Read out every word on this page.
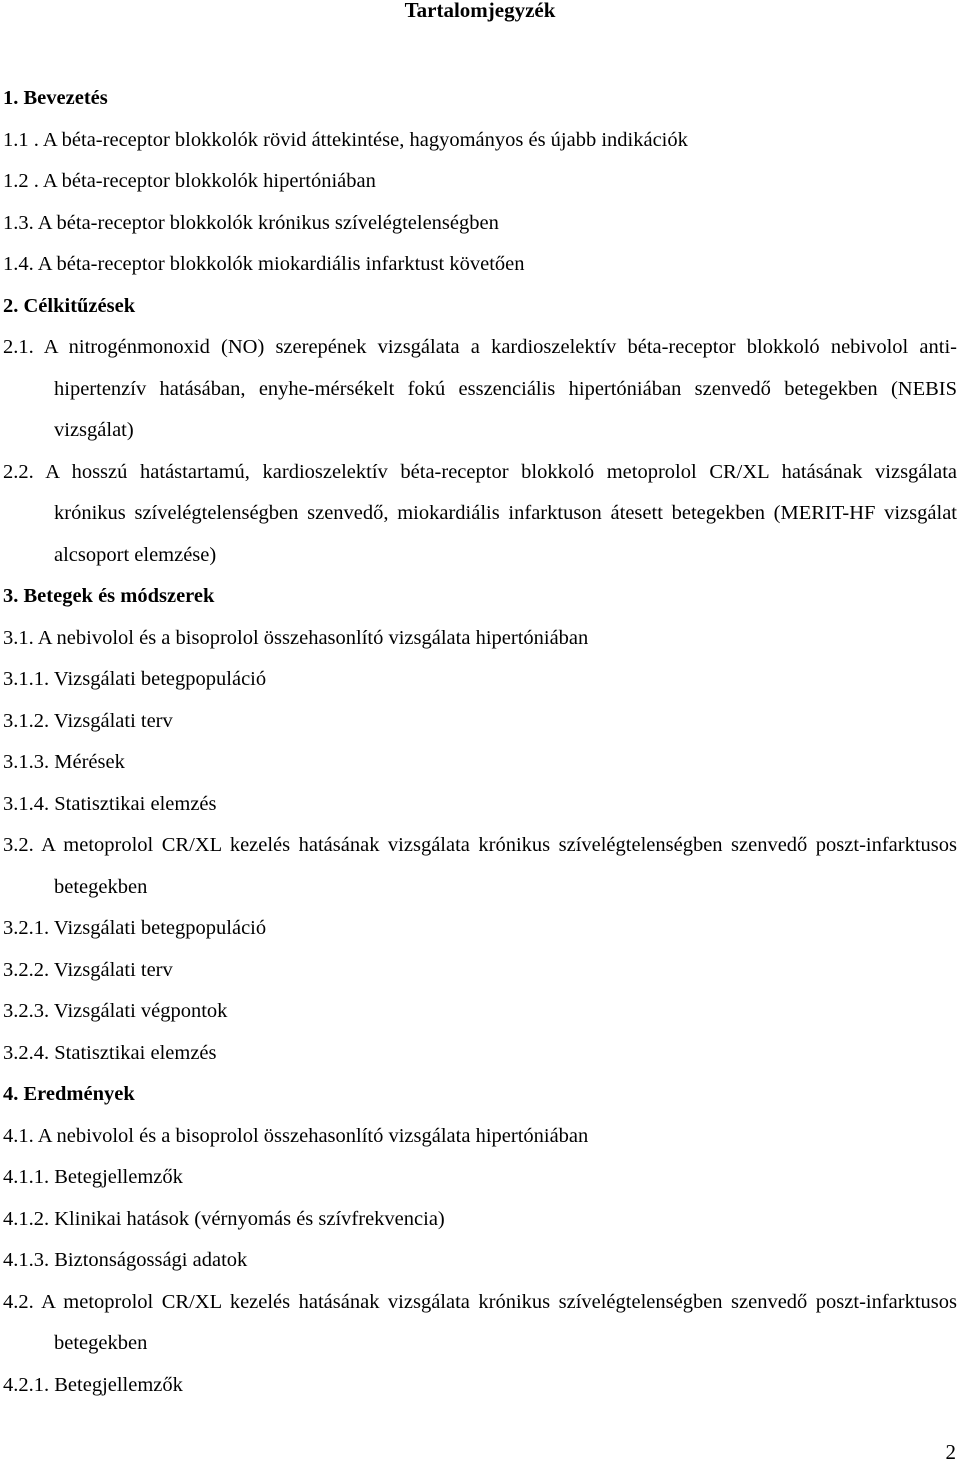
Tartalomjegyzék
1. Bevezetés
1.1 . A béta-receptor blokkolók rövid áttekintése, hagyományos és újabb indikációk
1.2 . A béta-receptor blokkolók hipertóniában
1.3. A béta-receptor blokkolók krónikus szívelégtelenségben
1.4. A béta-receptor blokkolók miokardiális infarktust követően
2. Célkitűzések
2.1. A nitrogénmonoxid (NO) szerepének vizsgálata a kardioszelektív béta-receptor blokkoló nebivolol anti-hipertenzív hatásában, enyhe-mérsékelt fokú esszenciális hipertóniában szenvedő betegekben (NEBIS vizsgálat)
2.2. A hosszú hatástartamú, kardioszelektív béta-receptor blokkoló metoprolol CR/XL hatásának vizsgálata krónikus szívelégtelenségben szenvedő, miokardiális infarktuson átesett betegekben (MERIT-HF vizsgálat alcsoport elemzése)
3. Betegek és módszerek
3.1. A nebivolol és a bisoprolol összehasonlító vizsgálata hipertóniában
3.1.1. Vizsgálati betegpopuláció
3.1.2. Vizsgálati terv
3.1.3. Mérések
3.1.4. Statisztikai elemzés
3.2. A metoprolol CR/XL kezelés hatásának vizsgálata krónikus szívelégtelenségben szenvedő poszt-infarktusos betegekben
3.2.1. Vizsgálati betegpopuláció
3.2.2. Vizsgálati terv
3.2.3. Vizsgálati végpontok
3.2.4. Statisztikai elemzés
4. Eredmények
4.1. A nebivolol és a bisoprolol összehasonlító vizsgálata hipertóniában
4.1.1. Betegjellemzők
4.1.2. Klinikai hatások (vérnyomás és szívfrekvencia)
4.1.3. Biztonságossági adatok
4.2. A metoprolol CR/XL kezelés hatásának vizsgálata krónikus szívelégtelenségben szenvedő poszt-infarktusos betegekben
4.2.1. Betegjellemzők
2
